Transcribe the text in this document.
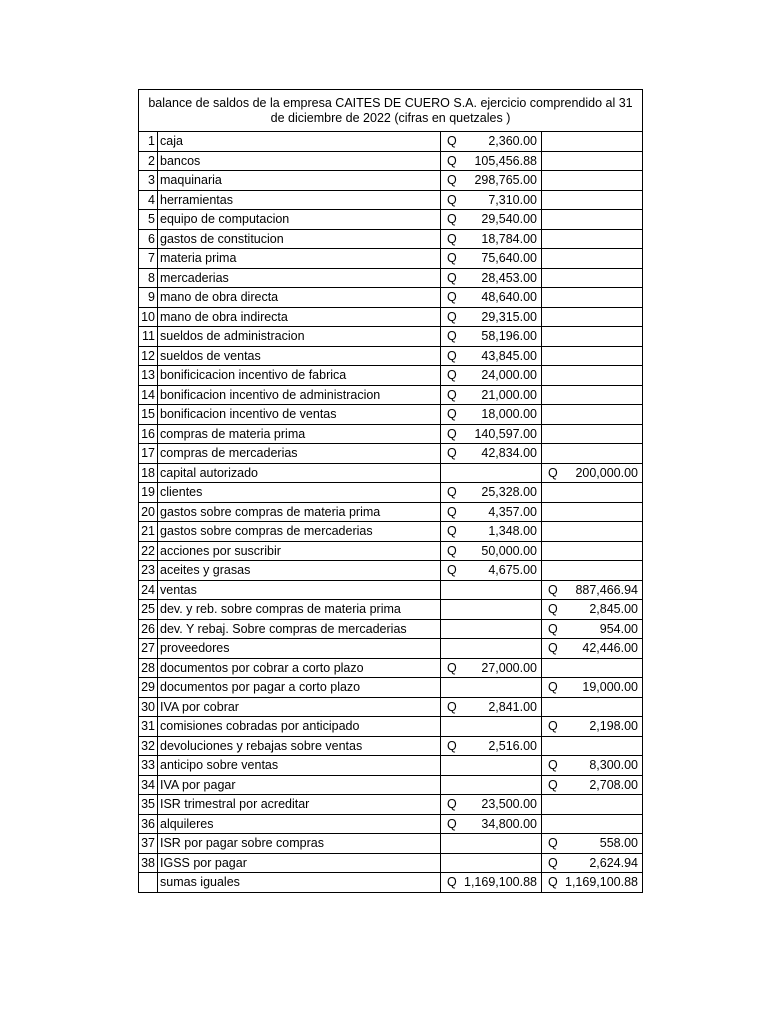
balance de saldos de la empresa CAITES DE CUERO S.A. ejercicio comprendido al 31 de diciembre de 2022 (cifras en quetzales )			
1	caja	Q 2,360.00	

2	bancos	Q 105,456.88	

3	maquinaria	Q 298,765.00	

4	herramientas	Q 7,310.00	

5	equipo de computacion	Q 29,540.00	

6	gastos de constitucion	Q 18,784.00	

7	materia prima	Q 75,640.00	

8	mercaderias	Q 28,453.00	

9	mano de obra directa	Q 48,640.00	

10	mano de obra indirecta	Q 29,315.00	

11	sueldos de administracion	Q 58,196.00	

12	sueldos de ventas	Q 43,845.00	

13	bonificicacion incentivo de fabrica	Q 24,000.00	

14	bonificacion incentivo de administracion	Q 21,000.00	

15	bonificacion incentivo de ventas	Q 18,000.00	

16	compras de materia prima	Q 140,597.00	

17	compras de mercaderias	Q 42,834.00	

18	capital autorizado		Q 200,000.00

19	clientes	Q 25,328.00	

20	gastos sobre compras de materia prima	Q 4,357.00	

21	gastos sobre compras de mercaderias	Q 1,348.00	

22	acciones por suscribir	Q 50,000.00	

23	aceites y grasas	Q 4,675.00	

24	ventas		Q 887,466.94

25	dev. y reb. sobre compras de materia prima		Q 2,845.00

26	dev. Y rebaj. Sobre compras de mercaderias		Q 954.00

27	proveedores		Q 42,446.00

28	documentos por cobrar a corto plazo	Q 27,000.00	

29	documentos por pagar a corto plazo		Q 19,000.00

30	IVA por cobrar	Q 2,841.00	

31	comisiones cobradas por anticipado		Q 2,198.00

32	devoluciones y rebajas sobre ventas	Q 2,516.00	

33	anticipo sobre ventas		Q 8,300.00

34	IVA por pagar		Q 2,708.00

35	ISR trimestral por acreditar	Q 23,500.00	

36	alquileres	Q 34,800.00	

37	ISR por pagar sobre compras		Q 558.00

38	IGSS por pagar		Q 2,624.94

	sumas iguales	Q 1,169,100.88	Q 1,169,100.88
